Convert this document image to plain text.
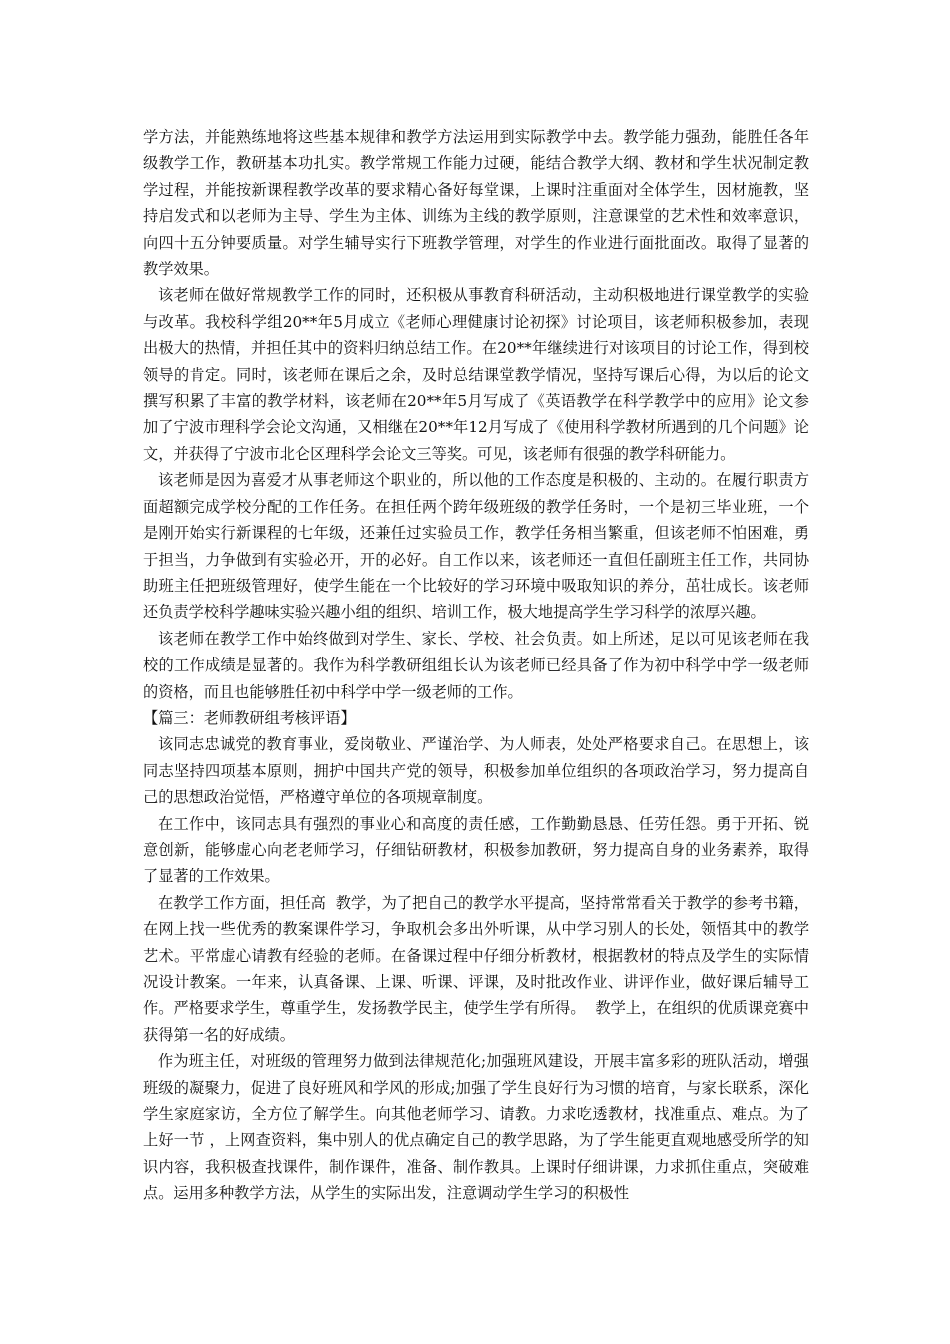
学方法，并能熟练地将这些基本规律和教学方法运用到实际教学中去。教学能力强劲，能胜任各年级教学工作，教研基本功扎实。教学常规工作能力过硬，能结合教学大纲、教材和学生状况制定教学过程，并能按新课程教学改革的要求精心备好每堂课，上课时注重面对全体学生，因材施教，坚持启发式和以老师为主导、学生为主体、训练为主线的教学原则，注意课堂的艺术性和效率意识，向四十五分钟要质量。对学生辅导实行下班教学管理，对学生的作业进行面批面改。取得了显著的教学效果。

该老师在做好常规教学工作的同时，还积极从事教育科研活动，主动积极地进行课堂教学的实验与改革。我校科学组20**年5月成立《老师心理健康讨论初探》讨论项目，该老师积极参加，表现出极大的热情，并担任其中的资料归纳总结工作。在20**年继续进行对该项目的讨论工作，得到校领导的肯定。同时，该老师在课后之余，及时总结课堂教学情况，坚持写课后心得，为以后的论文撰写积累了丰富的教学材料，该老师在20**年5月写成了《英语教学在科学教学中的应用》论文参加了宁波市理科学会论文沟通，又相继在20**年12月写成了《使用科学教材所遇到的几个问题》论文，并获得了宁波市北仑区理科学会论文三等奖。可见，该老师有很强的教学科研能力。

该老师是因为喜爱才从事老师这个职业的，所以他的工作态度是积极的、主动的。在履行职责方面超额完成学校分配的工作任务。在担任两个跨年级班级的教学任务时，一个是初三毕业班，一个是刚开始实行新课程的七年级，还兼任过实验员工作，教学任务相当繁重，但该老师不怕困难，勇于担当，力争做到有实验必开，开的必好。自工作以来，该老师还一直但任副班主任工作，共同协助班主任把班级管理好，使学生能在一个比较好的学习环境中吸取知识的养分，茁壮成长。该老师还负责学校科学趣味实验兴趣小组的组织、培训工作，极大地提高学生学习科学的浓厚兴趣。

该老师在教学工作中始终做到对学生、家长、学校、社会负责。如上所述，足以可见该老师在我校的工作成绩是显著的。我作为科学教研组组长认为该老师已经具备了作为初中科学中学一级老师的资格，而且也能够胜任初中科学中学一级老师的工作。

【篇三：老师教研组考核评语】

该同志忠诚党的教育事业，爱岗敬业、严谨治学、为人师表，处处严格要求自己。在思想上，该同志坚持四项基本原则，拥护中国共产党的领导，积极参加单位组织的各项政治学习，努力提高自己的思想政治觉悟，严格遵守单位的各项规章制度。

在工作中，该同志具有强烈的事业心和高度的责任感，工作勤勤恳恳、任劳任怨。勇于开拓、锐意创新，能够虚心向老老师学习，仔细钻研教材，积极参加教研，努力提高自身的业务素养，取得了显著的工作效果。

在教学工作方面，担任高  教学，为了把自己的教学水平提高，坚持常常看关于教学的参考书籍，在网上找一些优秀的教案课件学习，争取机会多出外听课，从中学习别人的长处，领悟其中的教学艺术。平常虚心请教有经验的老师。在备课过程中仔细分析教材，根据教材的特点及学生的实际情况设计教案。一年来，认真备课、上课、听课、评课，及时批改作业、讲评作业，做好课后辅导工作。严格要求学生，尊重学生，发扬教学民主，使学生学有所得。  教学上，在组织的优质课竞赛中获得第一名的好成绩。

作为班主任，对班级的管理努力做到法律规范化;加强班风建设，开展丰富多彩的班队活动，增强班级的凝聚力，促进了良好班风和学风的形成;加强了学生良好行为习惯的培育，与家长联系，深化学生家庭家访，全方位了解学生。向其他老师学习、请教。力求吃透教材，找准重点、难点。为了上好一节 ，上网查资料，集中别人的优点确定自己的教学思路，为了学生能更直观地感受所学的知识内容，我积极查找课件，制作课件，准备、制作教具。上课时仔细讲课，力求抓住重点，突破难点。运用多种教学方法，从学生的实际出发，注意调动学生学习的积极性
